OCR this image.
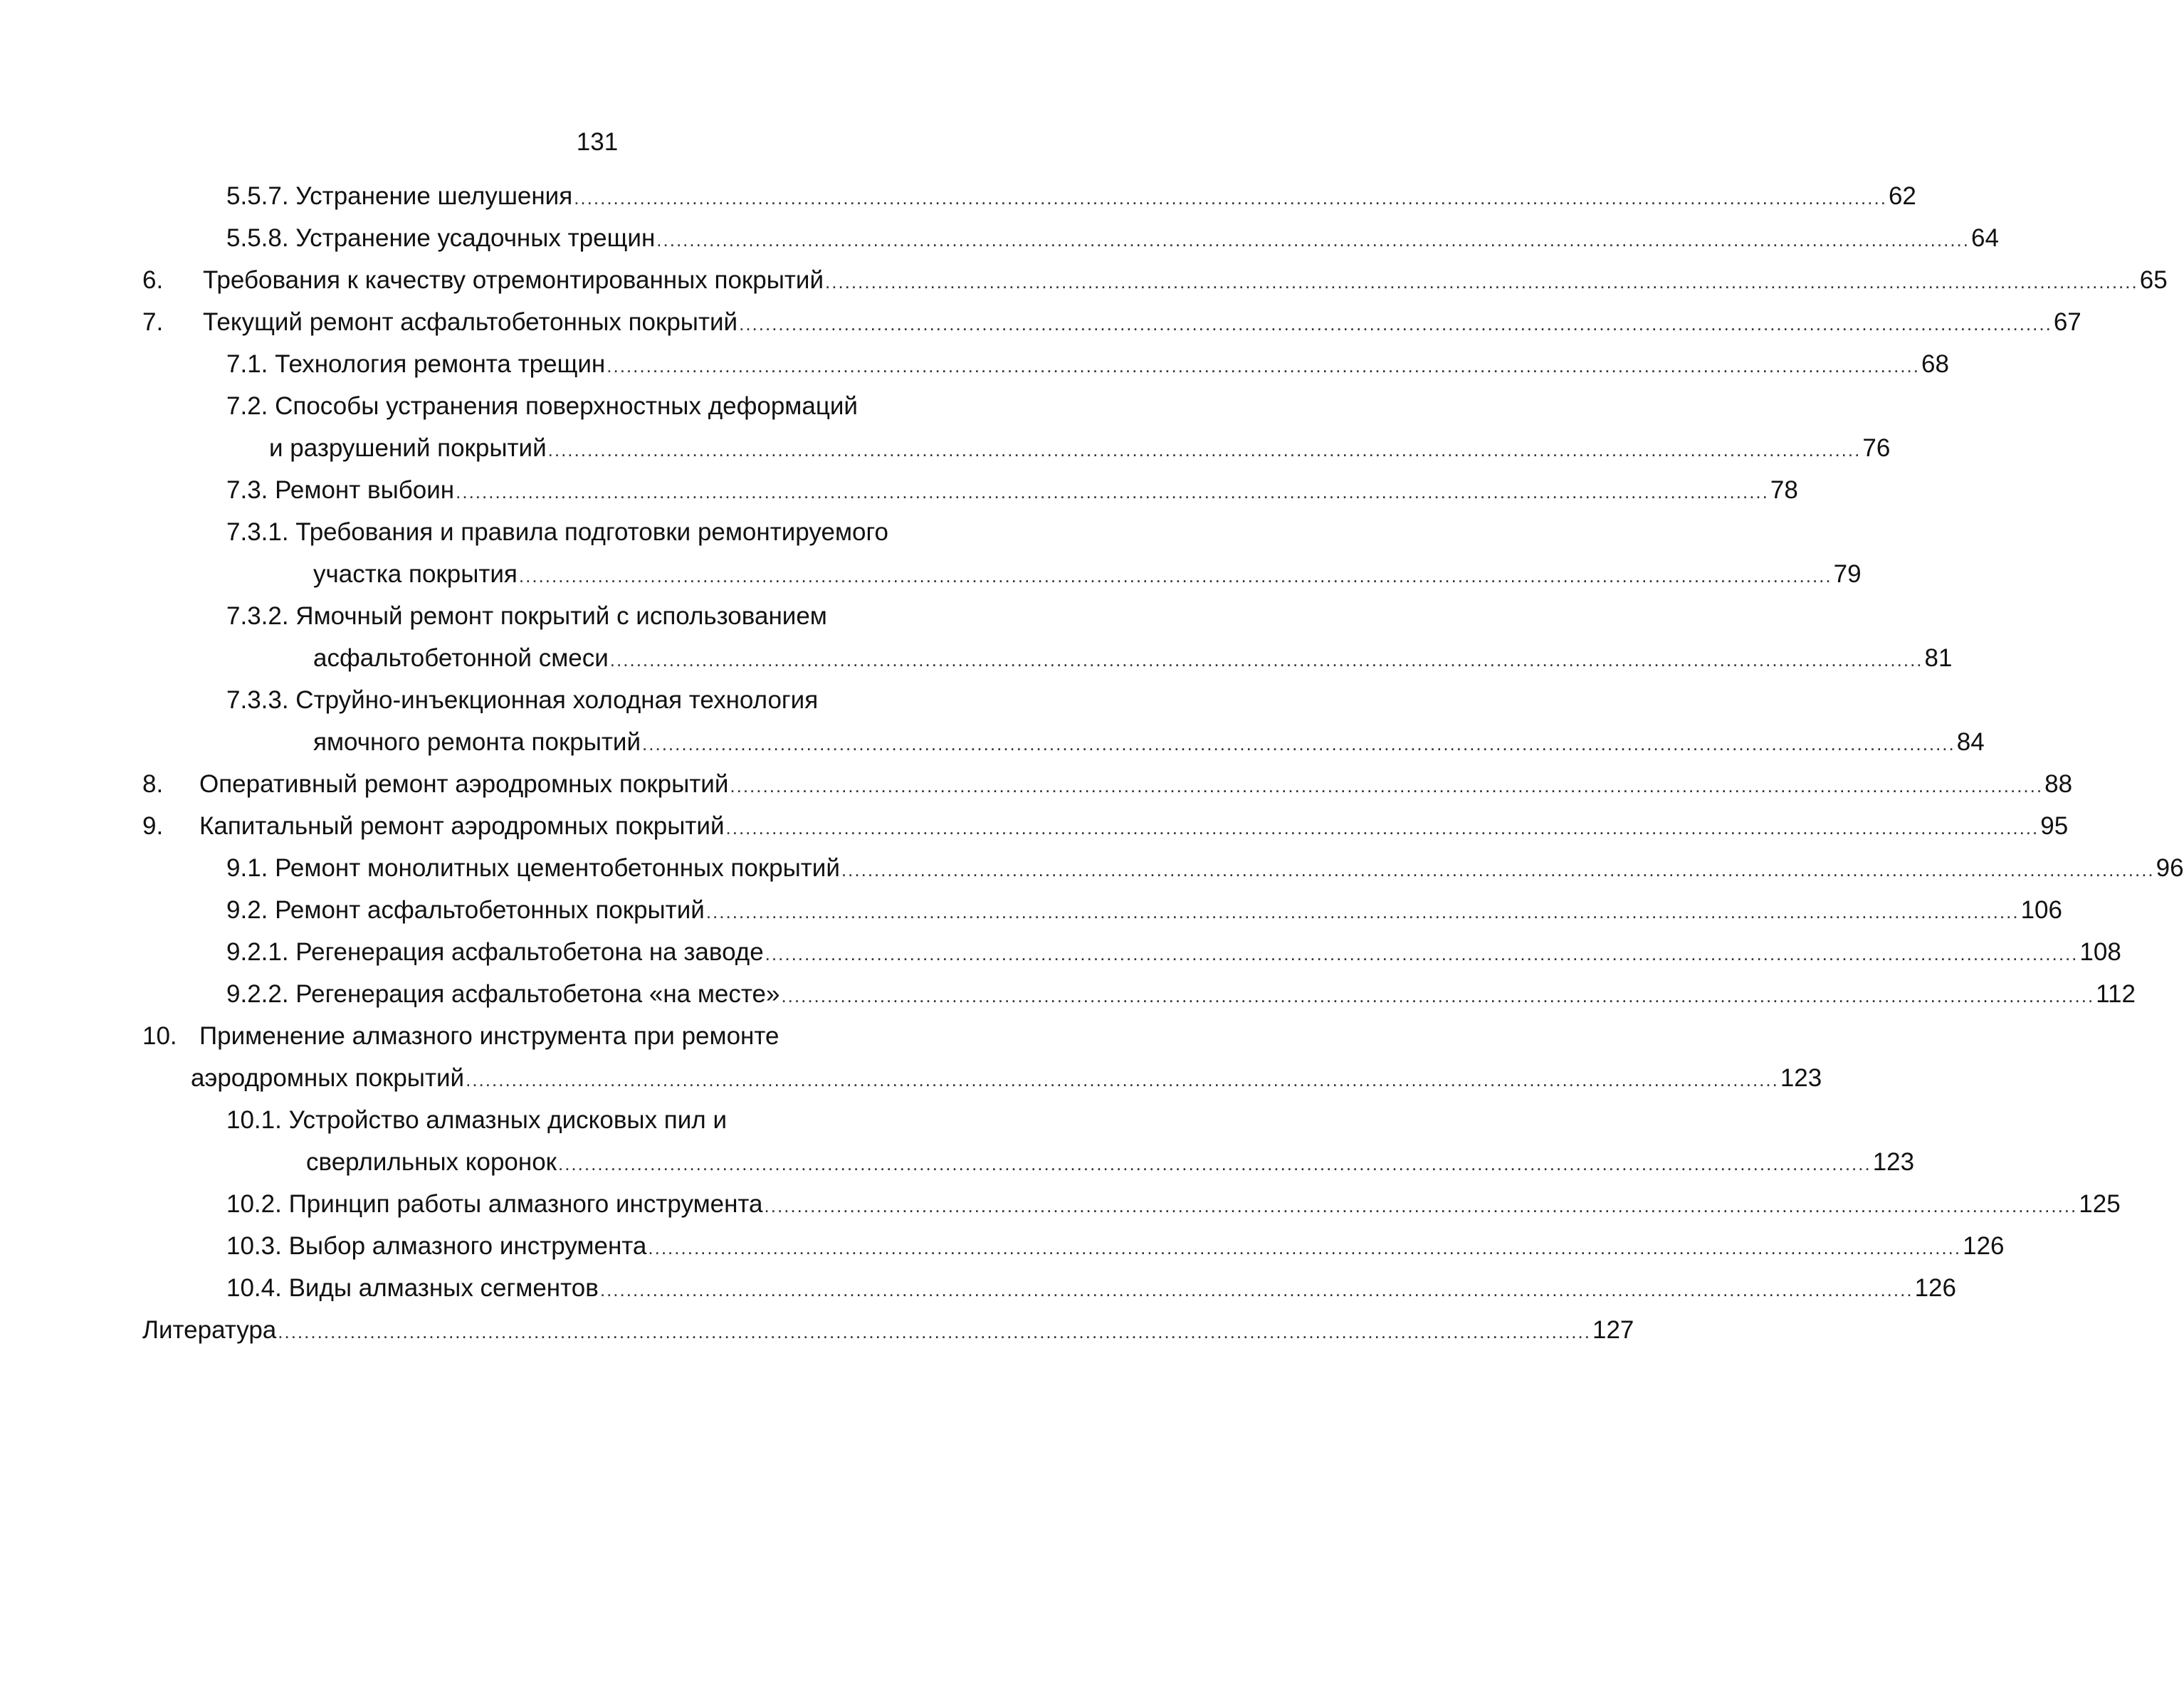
131
5.5.7. Устранение шелушения ........................................................................................................................................................................................................ 62
5.5.8. Устранение усадочных трещин ........................................................................................................................................................................................................ 64
6. Требования к качеству отремонтированных покрытий ........................................................................................................................................................................................................ 65
7. Текущий ремонт асфальтобетонных покрытий ........................................................................................................................................................................................................ 67
7.1. Технология ремонта трещин ........................................................................................................................................................................................................ 68
7.2. Способы устранения поверхностных деформаций
и разрушений покрытий ........................................................................................................................................................................................................ 76
7.3. Ремонт выбоин ........................................................................................................................................................................................................ 78
7.3.1. Требования и правила подготовки ремонтируемого
участка покрытия ........................................................................................................................................................................................................ 79
7.3.2. Ямочный ремонт покрытий с использованием
асфальтобетонной смеси ........................................................................................................................................................................................................ 81
7.3.3. Струйно-инъекционная холодная технология
ямочного ремонта покрытий ........................................................................................................................................................................................................ 84
8. Оперативный ремонт аэродромных покрытий ........................................................................................................................................................................................................ 88
9. Капитальный ремонт аэродромных покрытий ........................................................................................................................................................................................................ 95
9.1. Ремонт монолитных цементобетонных покрытий ........................................................................................................................................................................................................ 96
9.2. Ремонт асфальтобетонных покрытий ........................................................................................................................................................................................................ 106
9.2.1. Регенерация асфальтобетона на заводе ........................................................................................................................................................................................................ 108
9.2.2. Регенерация асфальтобетона «на месте» ........................................................................................................................................................................................................ 112
10. Применение алмазного инструмента при ремонте
аэродромных покрытий ........................................................................................................................................................................................................ 123
10.1. Устройство алмазных дисковых пил и
сверлильных коронок ........................................................................................................................................................................................................ 123
10.2. Принцип работы алмазного инструмента ........................................................................................................................................................................................................ 125
10.3. Выбор алмазного инструмента ........................................................................................................................................................................................................ 126
10.4. Виды алмазных сегментов ........................................................................................................................................................................................................ 126
Литература ........................................................................................................................................................................................................ 127
